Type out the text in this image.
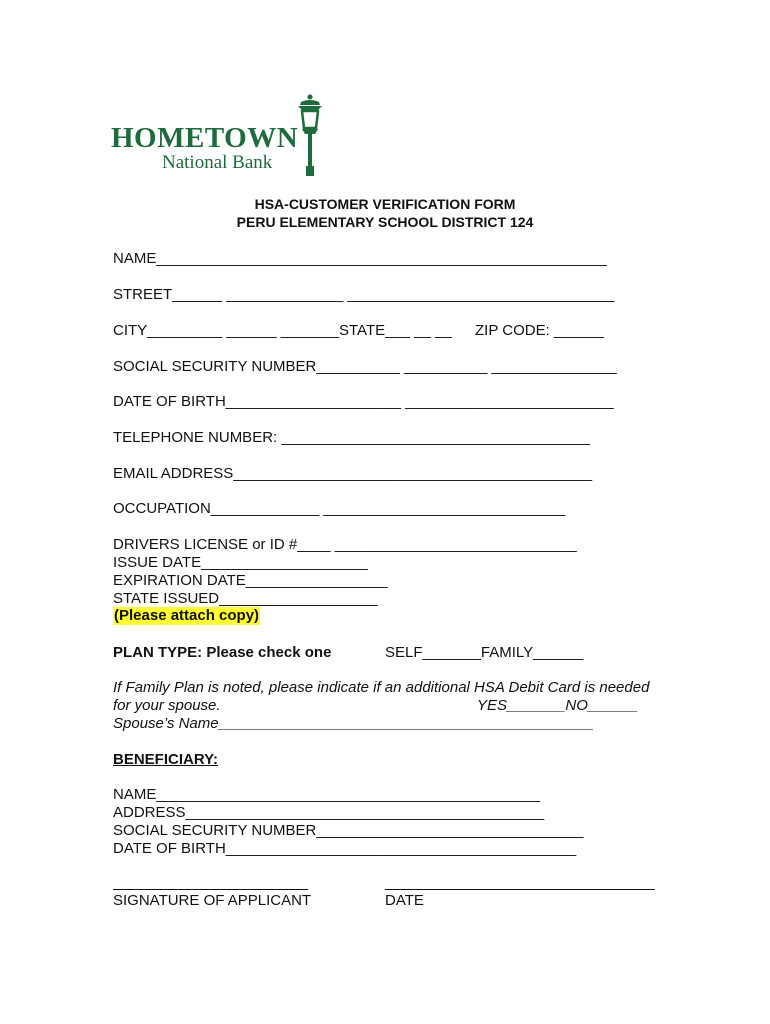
HOMETOWN
National Bank
HSA-CUSTOMER VERIFICATION FORM
PERU ELEMENTARY SCHOOL DISTRICT 124
NAME______________________________________________________
STREET______ ______________ ________________________________
CITY_________ ______ _______ STATE___ __ __ ZIP CODE: ______
SOCIAL SECURITY NUMBER__________ __________ _______________
DATE OF BIRTH_____________________ _________________________
TELEPHONE NUMBER: _____________________________________
EMAIL ADDRESS___________________________________________
OCCUPATION_____________ _____________________________
DRIVERS LICENSE or ID #____ _____________________________
ISSUE DATE____________________
EXPIRATION DATE_________________
STATE ISSUED___________________
(Please attach copy)
PLAN TYPE: Please check one	SELF_______FAMILY______
If Family Plan is noted, please indicate if an additional HSA Debit Card is needed
for your spouse.	YES_______NO______
Spouse’s Name_____________________________________________
BENEFICIARY:
NAME______________________________________________
ADDRESS___________________________________________
SOCIAL SECURITY NUMBER________________________________
DATE OF BIRTH__________________________________________
SIGNATURE OF APPLICANT	DATE
